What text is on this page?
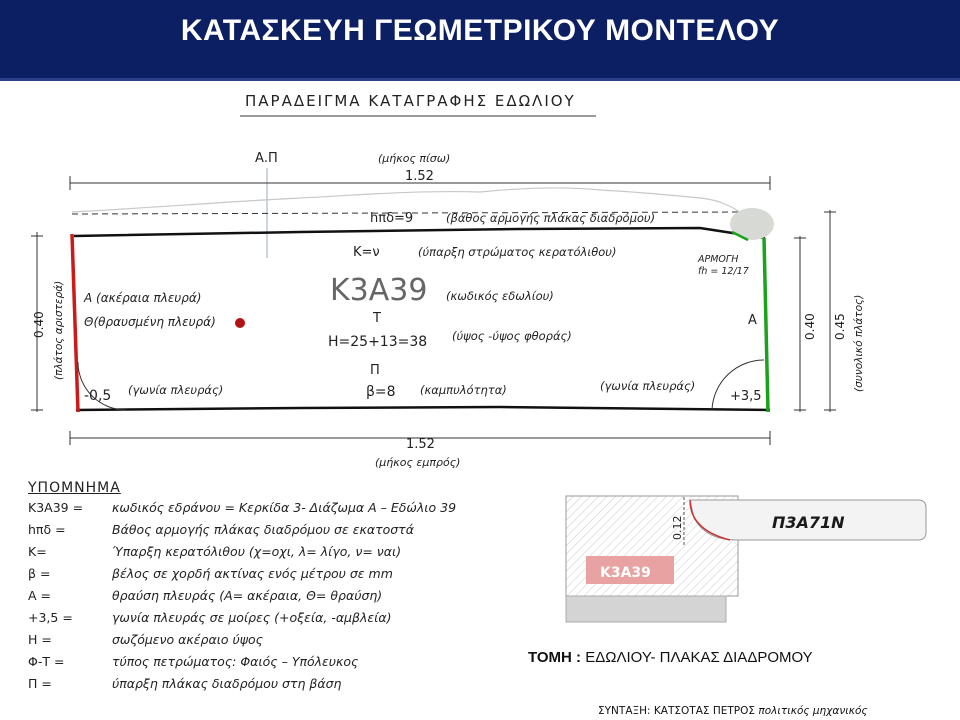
ΚΑΤΑΣΚΕΥΗ ΓΕΩΜΕΤΡΙΚΟΥ ΜΟΝΤΕΛΟΥ
ΠΑΡΑΔΕΙΓΜΑ ΚΑΤΑΓΡΑΦΗΣ ΕΔΩΛΙΟΥ
Α.Π	(μήκος πίσω)
1.52
hπδ=9	(βάθος αρμογής πλάκας διαδρόμου)
K=ν	(ύπαρξη στρώματος κερατόλιθου)
ΑΡΜΟΓΗ
fh = 12/17
Κ3Α39 (κωδικός εδωλίου)
Τ
H=25+13=38 (ύψος -ύψος φθοράς)
Π
β=8 (καμπυλότητα)
A (ακέραια πλευρά)
Θ(θραυσμένη πλευρά)	A
-0,5 (γωνία πλευράς)	(γωνία πλευράς)
+3,5
1.52
(μήκος εμπρός)
0.40 (πλάτος αριστερά)	0.40 0.45 (συνολικό πλάτος)
0.12	Π3Α71Ν
Κ3Α39
ΤΟΜΗ : ΕΔΩΛΙΟΥ- ΠΛΑΚΑΣ ΔΙΑΔΡΟΜΟΥ
ΣΥΝΤΑΞΗ: ΚΑΤΣΟΤΑΣ ΠΕΤΡΟΣ πολιτικός μηχανικός
ΥΠΟΜΝΗΜΑ
Κ3Α39 =	κωδικός εδράνου = Κερκίδα 3- Διάζωμα Α – Εδώλιο 39
hπδ =	Βάθος αρμογής πλάκας διαδρόμου σε εκατοστά
K=	Ύπαρξη κερατόλιθου (χ=οχι, λ= λίγο, ν= ναι)
β =	βέλος σε χορδή ακτίνας ενός μέτρου σε mm
A =	θραύση πλευράς (A= ακέραια, Θ= θραύση)
+3,5 =	γωνία πλευράς σε μοίρες (+οξεία, -αμβλεία)
H =	σωζόμενο ακέραιο ύψος
Φ-Τ =	τύπος πετρώματος: Φαιός – Υπόλευκος
Π =	ύπαρξη πλάκας διαδρόμου στη βάση
